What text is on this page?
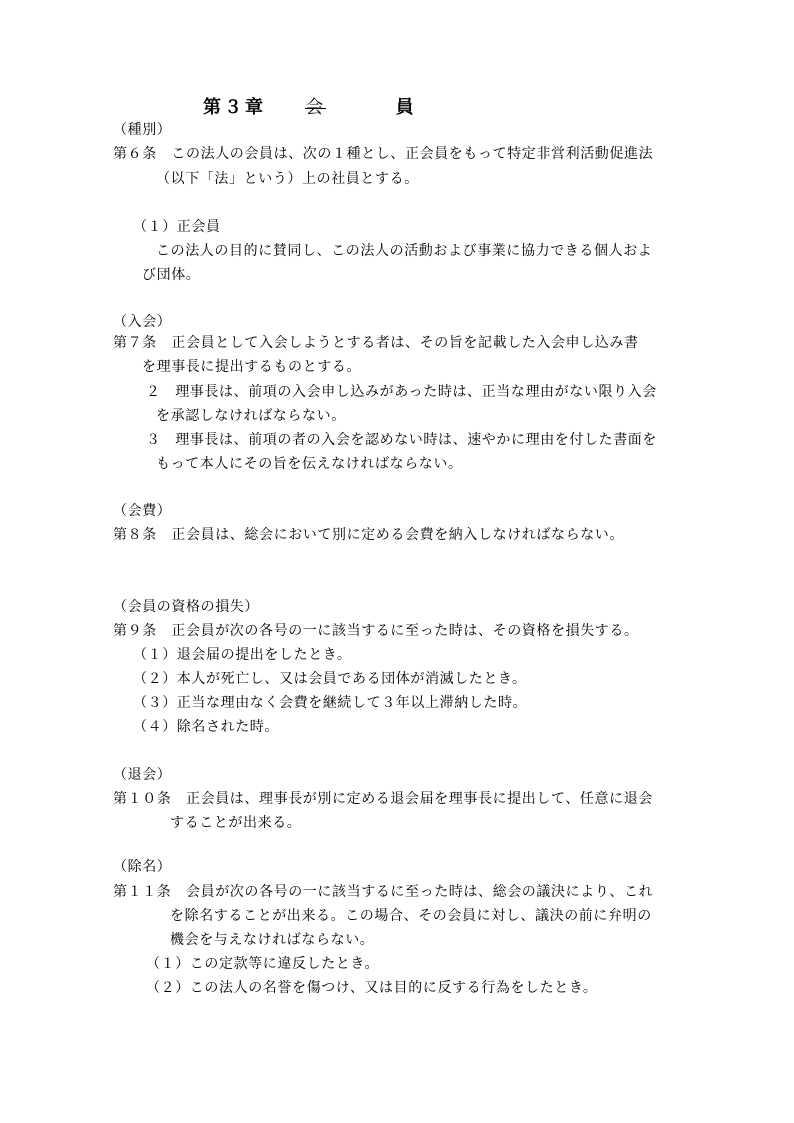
第３章 会	員
（種別）
第６条　この法人の会員は、次の１種とし、正会員をもって特定非営利活動促進法
（以下「法」という）上の社員とする。
（１）正会員
この法人の目的に賛同し、この法人の活動および事業に協力できる個人およ
び団体。
（入会）
第７条　正会員として入会しようとする者は、その旨を記載した入会申し込み書
を理事長に提出するものとする。
２　理事長は、前項の入会申し込みがあった時は、正当な理由がない限り入会
を承認しなければならない。
３　理事長は、前項の者の入会を認めない時は、速やかに理由を付した書面を
もって本人にその旨を伝えなければならない。
（会費）
第８条　正会員は、総会において別に定める会費を納入しなければならない。
（会員の資格の損失）
第９条　正会員が次の各号の一に該当するに至った時は、その資格を損失する。
（１）退会届の提出をしたとき。
（２）本人が死亡し、又は会員である団体が消滅したとき。
（３）正当な理由なく会費を継続して３年以上滞納した時。
（４）除名された時。
（退会）
第１０条　正会員は、理事長が別に定める退会届を理事長に提出して、任意に退会
することが出来る。
（除名）
第１１条　会員が次の各号の一に該当するに至った時は、総会の議決により、これ
を除名することが出来る。この場合、その会員に対し、議決の前に弁明の
機会を与えなければならない。
（１）この定款等に違反したとき。
（２）この法人の名誉を傷つけ、又は目的に反する行為をしたとき。
